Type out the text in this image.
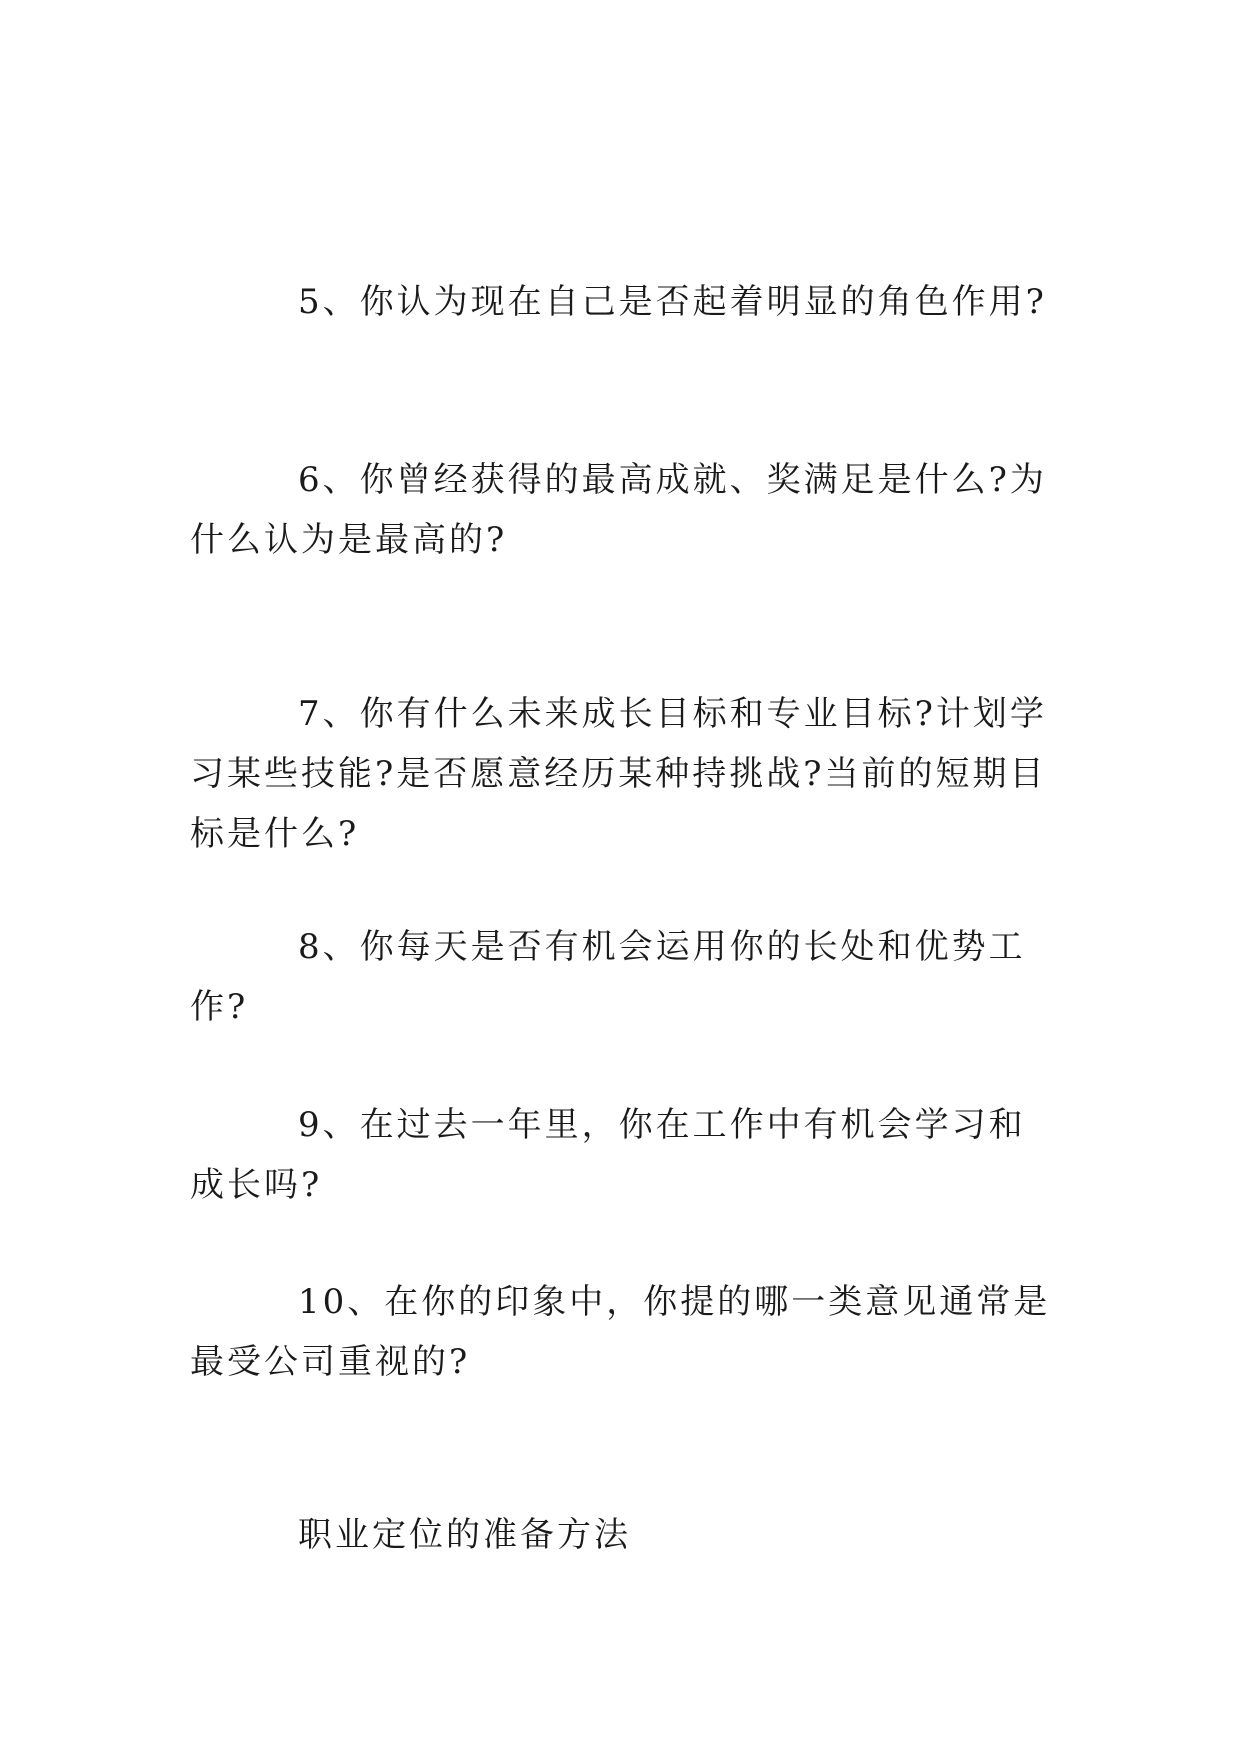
5、你认为现在自己是否起着明显的角色作用?

6、你曾经获得的最高成就、奖满足是什么?为什么认为是最高的?

7、你有什么未来成长目标和专业目标?计划学习某些技能?是否愿意经历某种持挑战?当前的短期目标是什么?

8、你每天是否有机会运用你的长处和优势工作?

9、在过去一年里，你在工作中有机会学习和成长吗?

10、在你的印象中，你提的哪一类意见通常是最受公司重视的?

职业定位的准备方法
